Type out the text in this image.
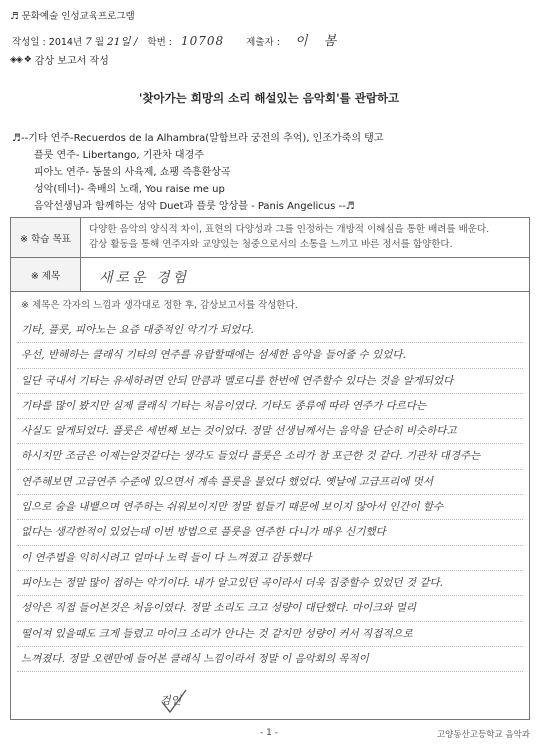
♬ 문화예술 인성교육프로그램
작성일 : 2014년 7 월 21일 / 학번 : 10708 제출자 : 이 봄
◈◈ ❖ 감상 보고서 작성
'찾아가는 희망의 소리 해설있는 음악회'를 관람하고
♬--기타 연주-Recuerdos de la Alhambra(알함브라 궁전의 추억), 인조가죽의 탱고
플룻 연주- Libertango, 기관차 대경주
피아노 연주- 동물의 사육제, 쇼팽 즉흥환상곡
성악(테너)- 축배의 노래, You raise me up
음악선생님과 함께하는 성악 Duet과 플룻 앙상블 - Panis Angelicus --♬
※ 학습 목표
다양한 음악의 양식적 차이, 표현의 다양성과 그를 인정하는 개방적 이해심을 통한 배려를 배운다.
감상 활동을 통해 연주자와 교양있는 청중으로서의 소통을 느끼고 바른 정서를 함양한다.
※ 제목	새로운 경험
※ 제목은 각자의 느낌과 생각대로 정한 후, 감상보고서를 작성한다.
기타, 플룻, 피아노는 요즘 대중적인 악기가 되었다.
우선, 반해하는 클래식 기타의 연주를 유랍할때에는 섬세한 음악을 들어줄 수 있었다.
일단 국내서 기타는 유세하려면 안되 만큼과 멜로디를 한번에 연주할수 있다는 것을 알게되었다
기타를 많이 봤지만 실제 클래식 기타는 처음이였다. 기타도 종류에 따라 연주가 다르다는
사실도 알게되었다. 플룻은 세번째 보는 것이었다. 정말 선생님께서는 음악을 단순히 비슷하다고
하시지만 조금은 이제는알것같다는 생각도 들었다 플룻은 소리가 참 포근한 것 같다. 기관차 대경주는
연주해보면 고급연주 수준에 있으면서 계속 플룻을 불었다 했었다. 옛날에 고급프리에 멋서
입으로 숨을 내뱉으며 연주하는 쉬워보이지만 정말 힘들기 때문에 보이지 않아서 인간이 할수
없다는 생각한적이 있었는데 이번 방법으로 플룻을 연주한 다니가 매우 신기했다
이 연주법을 익히시려고 얼마나 노력 들이 다 느껴졌고 감동했다
피아노는 정말 많이 접하는 악기이다. 내가 알고있던 곡이라서 더욱 집중할수 있었던 것 같다.
성악은 직접 들어본것은 처음이였다. 정말 소리도 크고 성량이 대단했다. 마이크와 멀리
떨어져 있을때도 크게 들렸고 마이크 소리가 안나는 것 같지만 성량이 커서 직접적으로
느껴졌다. 정말 오랜만에 들어본 클래식 느낌이라서 정말 이 음악회의 목적이
검인
- 1 -	고양동산고등학교 음악과
